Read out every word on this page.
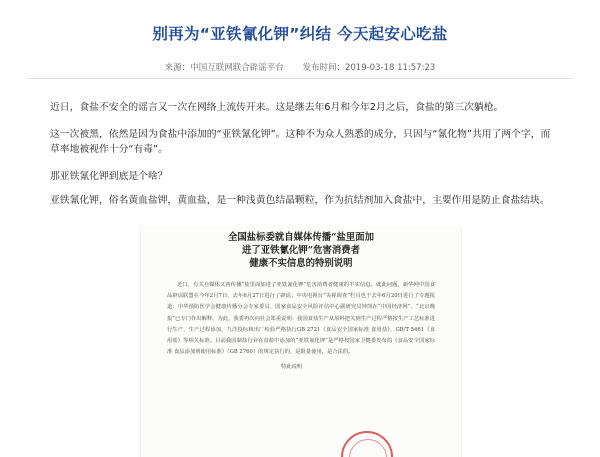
别再为“亚铁氰化钾”纠结 今天起安心吃盐
来源：中国互联网联合辟谣平台 发布时间：2019-03-18 11:57:23

近日，食盐不安全的谣言又一次在网络上流传开来。这是继去年6月和今年2月之后，食盐的第三次躺枪。

这一次被黑，依然是因为食盐中添加的“亚铁氰化钾”。这种不为众人熟悉的成分，只因与“氰化物”共用了两个字，而草率地被视作十分“有毒”。

那亚铁氰化钾到底是个啥？

亚铁氰化钾，俗名黄血盐钾，黄血盐，是一种浅黄色结晶颗粒，作为抗结剂加入食盐中，主要作用是防止食盐结块。

全国盐标委就自媒体传播“盐里面加
进了亚铁氰化钾”危害消费者
健康不实信息的特别说明
近日，有关自媒体又再传播“盐里面加进了亚铁氰化钾”危害消费者健康的不实信息。就此问题，新华网中国食品辟谣联盟在今年2月7日、去年6月27日进行了辟谣；中央电视台“央视调查”栏目也于去年6月20日进行了专题报道；中华预防医学会健康传播分会专家委员、国家食品安全风险评估中心副研究员钟凯在“中国经济网”、“北京晚报”已专门作出解释。为此，我委再次向社会郑重说明：我国食盐生产从原料把关到生产过程严格按生产工艺标准进行生产，生产过程添加，九洋投标和出厂检验严格执行GB 2721《食品安全国家标准 食用盐》、GB/T 5461《食用盐》等相关标准。目前我国制盐行业在食盐中添加的“亚铁氰化钾”是严格按国家卫健委发布的《食品安全国家标准 食品添加剂使用标准》（GB 2760）的规定执行的，是限量使用，是合法的。
特此说明
